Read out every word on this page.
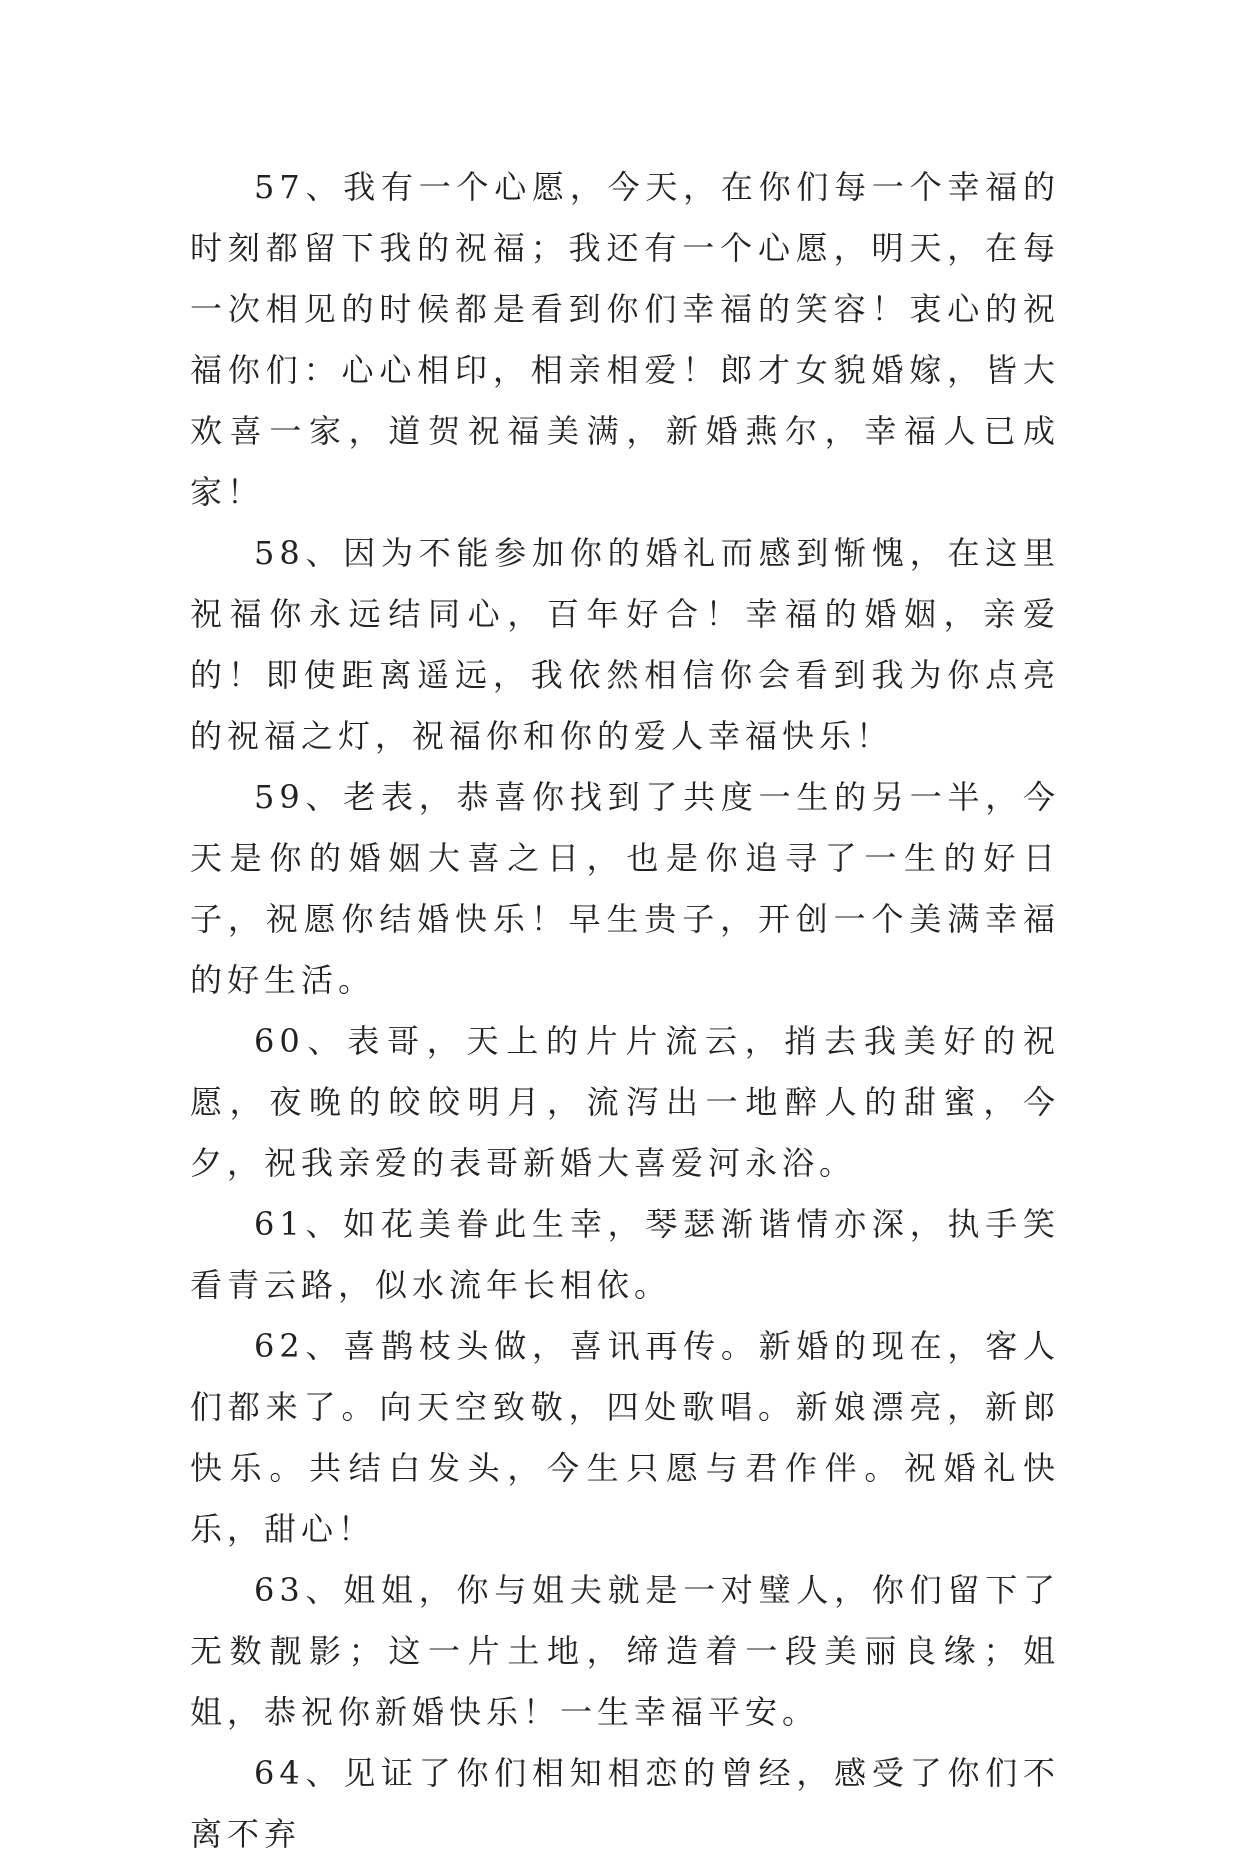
57、我有一个心愿，今天，在你们每一个幸福的时刻都留下我的祝福；我还有一个心愿，明天，在每一次相见的时候都是看到你们幸福的笑容！衷心的祝福你们：心心相印，相亲相爱！郎才女貌婚嫁，皆大欢喜一家，道贺祝福美满，新婚燕尔，幸福人已成家！

58、因为不能参加你的婚礼而感到惭愧，在这里祝福你永远结同心，百年好合！幸福的婚姻，亲爱的！即使距离遥远，我依然相信你会看到我为你点亮的祝福之灯，祝福你和你的爱人幸福快乐！

59、老表，恭喜你找到了共度一生的另一半，今天是你的婚姻大喜之日，也是你追寻了一生的好日子，祝愿你结婚快乐！早生贵子，开创一个美满幸福的好生活。

60、表哥，天上的片片流云，捎去我美好的祝愿，夜晚的皎皎明月，流泻出一地醉人的甜蜜，今夕，祝我亲爱的表哥新婚大喜爱河永浴。

61、如花美眷此生幸，琴瑟渐谐情亦深，执手笑看青云路，似水流年长相依。

62、喜鹊枝头做，喜讯再传。新婚的现在，客人们都来了。向天空致敬，四处歌唱。新娘漂亮，新郎快乐。共结白发头，今生只愿与君作伴。祝婚礼快乐，甜心！

63、姐姐，你与姐夫就是一对璧人，你们留下了无数靓影；这一片土地，缔造着一段美丽良缘；姐姐，恭祝你新婚快乐！一生幸福平安。

64、见证了你们相知相恋的曾经，感受了你们不离不弃
